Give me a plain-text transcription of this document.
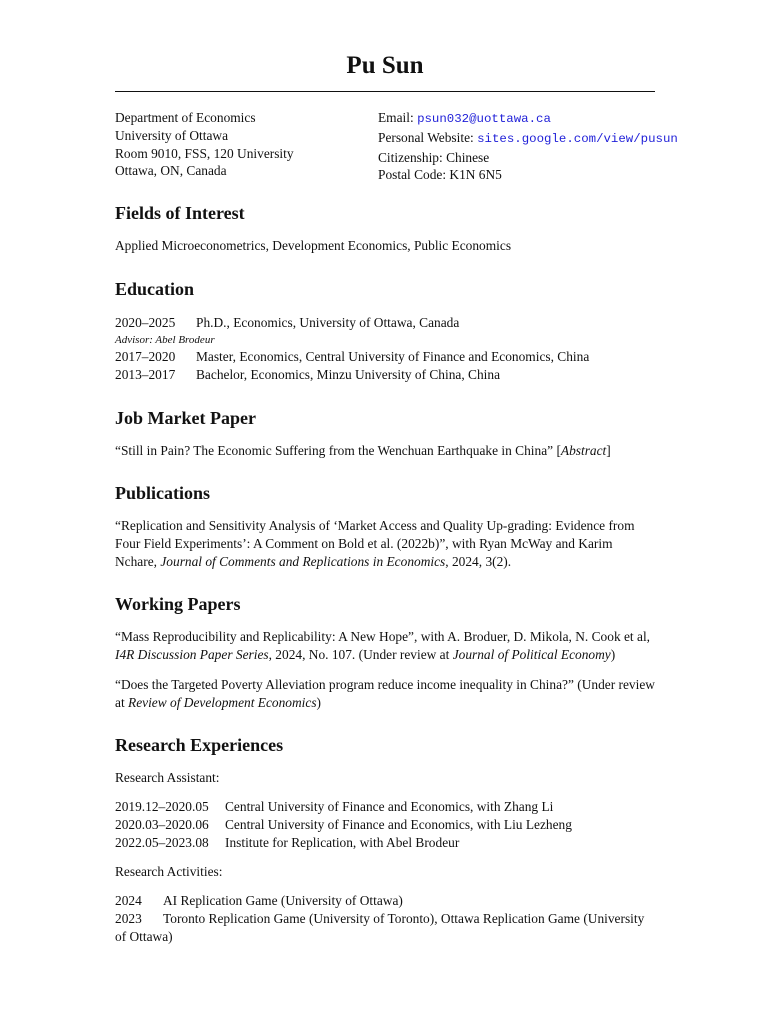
Pu Sun
Department of Economics
University of Ottawa
Room 9010, FSS, 120 University
Ottawa, ON, Canada
Email: psun032@uottawa.ca
Personal Website: sites.google.com/view/pusun
Citizenship: Chinese
Postal Code: K1N 6N5
Fields of Interest
Applied Microeconometrics, Development Economics, Public Economics
Education
2020–2025	Ph.D., Economics, University of Ottawa, Canada
Advisor: Abel Brodeur
2017–2020	Master, Economics, Central University of Finance and Economics, China
2013–2017	Bachelor, Economics, Minzu University of China, China
Job Market Paper
“Still in Pain? The Economic Suffering from the Wenchuan Earthquake in China” [Abstract]
Publications
“Replication and Sensitivity Analysis of ‘Market Access and Quality Up-grading: Evidence from Four Field Experiments’: A Comment on Bold et al. (2022b)”, with Ryan McWay and Karim Nchare, Journal of Comments and Replications in Economics, 2024, 3(2).
Working Papers
“Mass Reproducibility and Replicability: A New Hope”, with A. Broduer, D. Mikola, N. Cook et al, I4R Discussion Paper Series, 2024, No. 107. (Under review at Journal of Political Economy)
“Does the Targeted Poverty Alleviation program reduce income inequality in China?” (Under review at Review of Development Economics)
Research Experiences
Research Assistant:
2019.12–2020.05	Central University of Finance and Economics, with Zhang Li
2020.03–2020.06	Central University of Finance and Economics, with Liu Lezheng
2022.05–2023.08	Institute for Replication, with Abel Brodeur
Research Activities:
2024 AI Replication Game (University of Ottawa)
2023 Toronto Replication Game (University of Toronto), Ottawa Replication Game (University of Ottawa)
